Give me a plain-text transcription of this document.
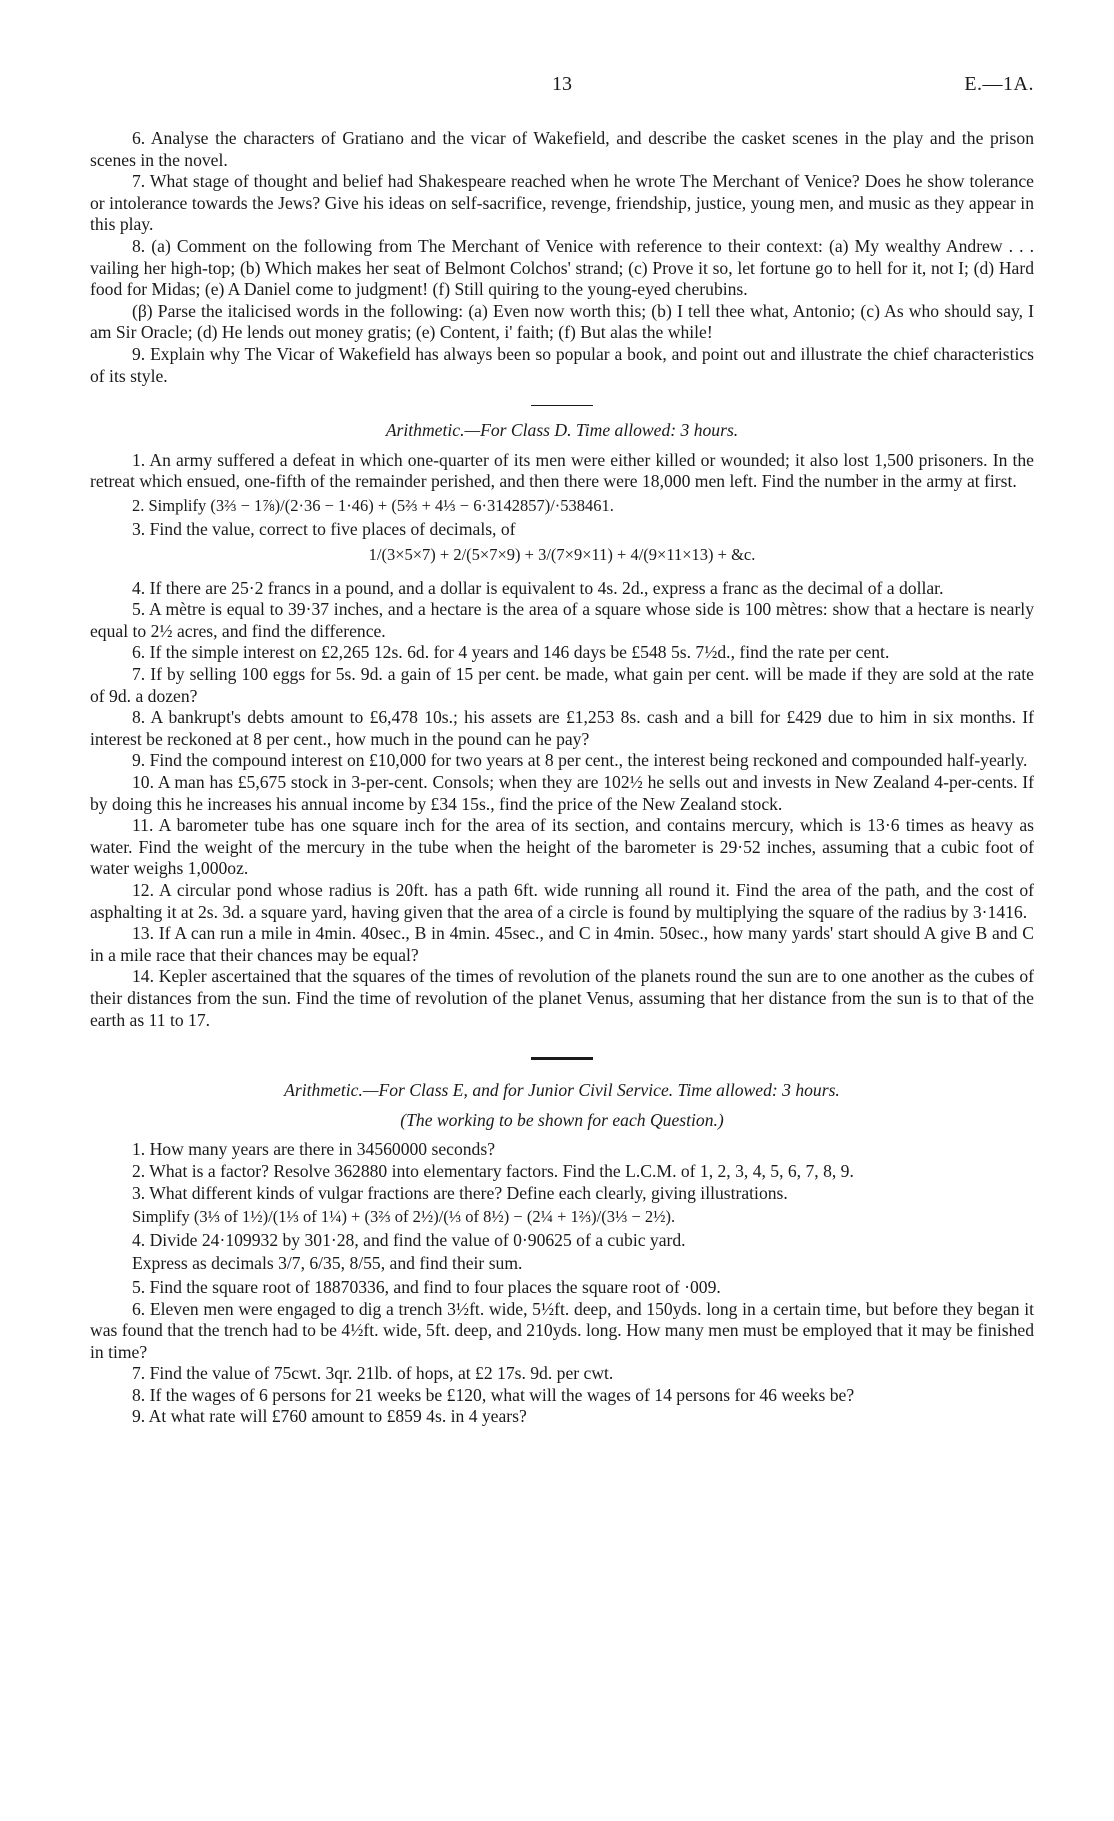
13	E.—1A.

6. Analyse the characters of Gratiano and the vicar of Wakefield, and describe the casket scenes in the play and the prison scenes in the novel.

7. What stage of thought and belief had Shakespeare reached when he wrote The Merchant of Venice? Does he show tolerance or intolerance towards the Jews? Give his ideas on self-sacrifice, revenge, friendship, justice, young men, and music as they appear in this play.

8. (a) Comment on the following from The Merchant of Venice with reference to their context: (a) My wealthy Andrew . . . vailing her high-top; (b) Which makes her seat of Belmont Colchos' strand; (c) Prove it so, let fortune go to hell for it, not I; (d) Hard food for Midas; (e) A Daniel come to judgment! (f) Still quiring to the young-eyed cherubins.

(β) Parse the italicised words in the following: (a) Even now worth this; (b) I tell thee what, Antonio; (c) As who should say, I am Sir Oracle; (d) He lends out money gratis; (e) Content, i' faith; (f) But alas the while!

9. Explain why The Vicar of Wakefield has always been so popular a book, and point out and illustrate the chief characteristics of its style.

Arithmetic.—For Class D. Time allowed: 3 hours.

1. An army suffered a defeat in which one-quarter of its men were either killed or wounded; it also lost 1,500 prisoners. In the retreat which ensued, one-fifth of the remainder perished, and then there were 18,000 men left. Find the number in the army at first.

2. Simplify (3⅔ − 1⅞)/(2·36 − 1·46) + (5⅔ + 4⅓ − 6·3142857)/·538461.

3. Find the value, correct to five places of decimals, of

1/(3×5×7) + 2/(5×7×9) + 3/(7×9×11) + 4/(9×11×13) + &c.

4. If there are 25·2 francs in a pound, and a dollar is equivalent to 4s. 2d., express a franc as the decimal of a dollar.

5. A mètre is equal to 39·37 inches, and a hectare is the area of a square whose side is 100 mètres: show that a hectare is nearly equal to 2½ acres, and find the difference.

6. If the simple interest on £2,265 12s. 6d. for 4 years and 146 days be £548 5s. 7½d., find the rate per cent.

7. If by selling 100 eggs for 5s. 9d. a gain of 15 per cent. be made, what gain per cent. will be made if they are sold at the rate of 9d. a dozen?

8. A bankrupt's debts amount to £6,478 10s.; his assets are £1,253 8s. cash and a bill for £429 due to him in six months. If interest be reckoned at 8 per cent., how much in the pound can he pay?

9. Find the compound interest on £10,000 for two years at 8 per cent., the interest being reckoned and compounded half-yearly.

10. A man has £5,675 stock in 3-per-cent. Consols; when they are 102½ he sells out and invests in New Zealand 4-per-cents. If by doing this he increases his annual income by £34 15s., find the price of the New Zealand stock.

11. A barometer tube has one square inch for the area of its section, and contains mercury, which is 13·6 times as heavy as water. Find the weight of the mercury in the tube when the height of the barometer is 29·52 inches, assuming that a cubic foot of water weighs 1,000oz.

12. A circular pond whose radius is 20ft. has a path 6ft. wide running all round it. Find the area of the path, and the cost of asphalting it at 2s. 3d. a square yard, having given that the area of a circle is found by multiplying the square of the radius by 3·1416.

13. If A can run a mile in 4min. 40sec., B in 4min. 45sec., and C in 4min. 50sec., how many yards' start should A give B and C in a mile race that their chances may be equal?

14. Kepler ascertained that the squares of the times of revolution of the planets round the sun are to one another as the cubes of their distances from the sun. Find the time of revolution of the planet Venus, assuming that her distance from the sun is to that of the earth as 11 to 17.

Arithmetic.—For Class E, and for Junior Civil Service. Time allowed: 3 hours.
(The working to be shown for each Question.)

1. How many years are there in 34560000 seconds?

2. What is a factor? Resolve 362880 into elementary factors. Find the L.C.M. of 1, 2, 3, 4, 5, 6, 7, 8, 9.

3. What different kinds of vulgar fractions are there? Define each clearly, giving illustrations.

Simplify (3⅓ of 1½)/(1⅓ of 1¼) + (3⅔ of 2½)/(⅓ of 8½) − (2¼ + 1⅔)/(3⅓ − 2½).

4. Divide 24·109932 by 301·28, and find the value of 0·90625 of a cubic yard.

Express as decimals 3/7, 6/35, 8/55, and find their sum.

5. Find the square root of 18870336, and find to four places the square root of ·009.

6. Eleven men were engaged to dig a trench 3½ft. wide, 5½ft. deep, and 150yds. long in a certain time, but before they began it was found that the trench had to be 4½ft. wide, 5ft. deep, and 210yds. long. How many men must be employed that it may be finished in time?

7. Find the value of 75cwt. 3qr. 21lb. of hops, at £2 17s. 9d. per cwt.

8. If the wages of 6 persons for 21 weeks be £120, what will the wages of 14 persons for 46 weeks be?

9. At what rate will £760 amount to £859 4s. in 4 years?
